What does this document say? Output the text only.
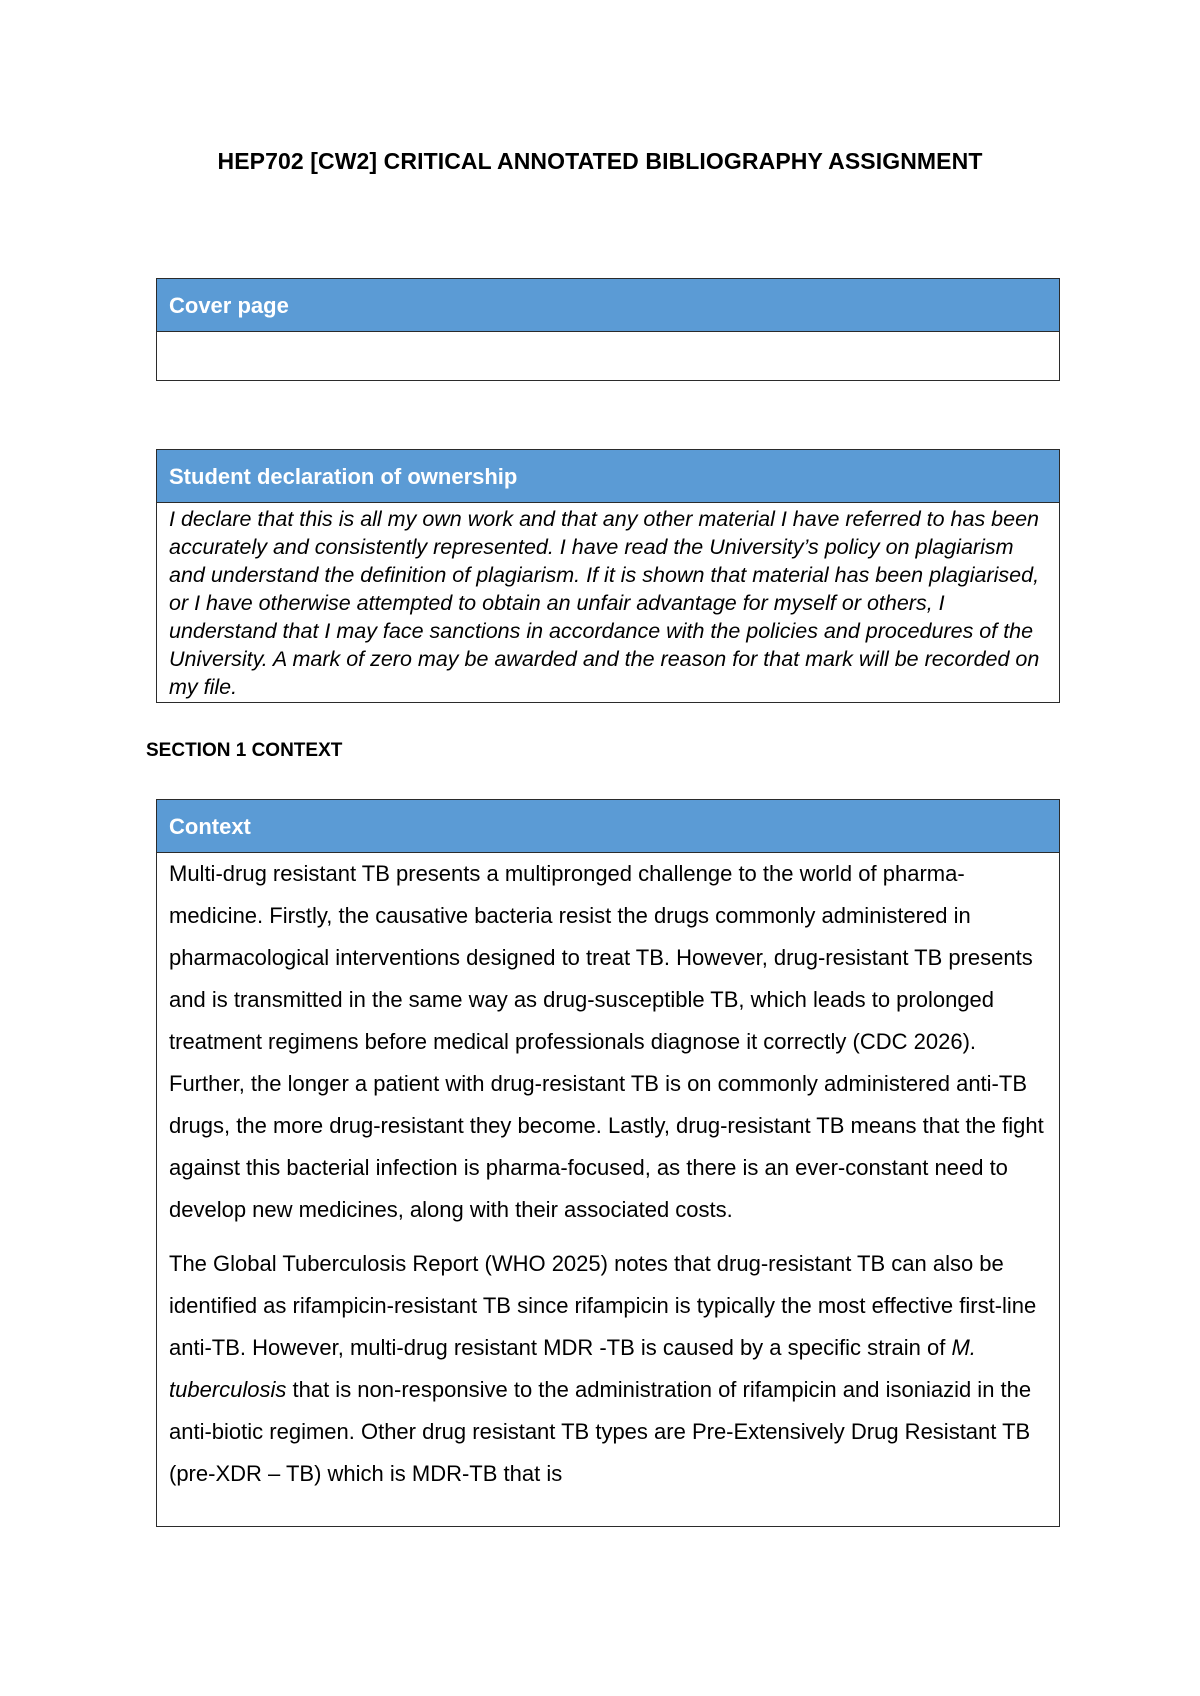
HEP702 [CW2] CRITICAL ANNOTATED BIBLIOGRAPHY ASSIGNMENT
Cover page
Student declaration of ownership

I declare that this is all my own work and that any other material I have referred to has been accurately and consistently represented. I have read the University’s policy on plagiarism and understand the definition of plagiarism. If it is shown that material has been plagiarised, or I have otherwise attempted to obtain an unfair advantage for myself or others, I understand that I may face sanctions in accordance with the policies and procedures of the University. A mark of zero may be awarded and the reason for that mark will be recorded on my file.

SECTION 1 CONTEXT
Context

Multi-drug resistant TB presents a multipronged challenge to the world of pharma-medicine. Firstly, the causative bacteria resist the drugs commonly administered in pharmacological interventions designed to treat TB. However, drug-resistant TB presents and is transmitted in the same way as drug-susceptible TB, which leads to prolonged treatment regimens before medical professionals diagnose it correctly (CDC 2026). Further, the longer a patient with drug-resistant TB is on commonly administered anti-TB drugs, the more drug-resistant they become. Lastly, drug-resistant TB means that the fight against this bacterial infection is pharma-focused, as there is an ever-constant need to develop new medicines, along with their associated costs.

The Global Tuberculosis Report (WHO 2025) notes that drug-resistant TB can also be identified as rifampicin-resistant TB since rifampicin is typically the most effective first-line anti-TB. However, multi-drug resistant MDR -TB is caused by a specific strain of M. tuberculosis that is non-responsive to the administration of rifampicin and isoniazid in the anti-biotic regimen. Other drug resistant TB types are Pre-Extensively Drug Resistant TB (pre-XDR – TB) which is MDR-TB that is
